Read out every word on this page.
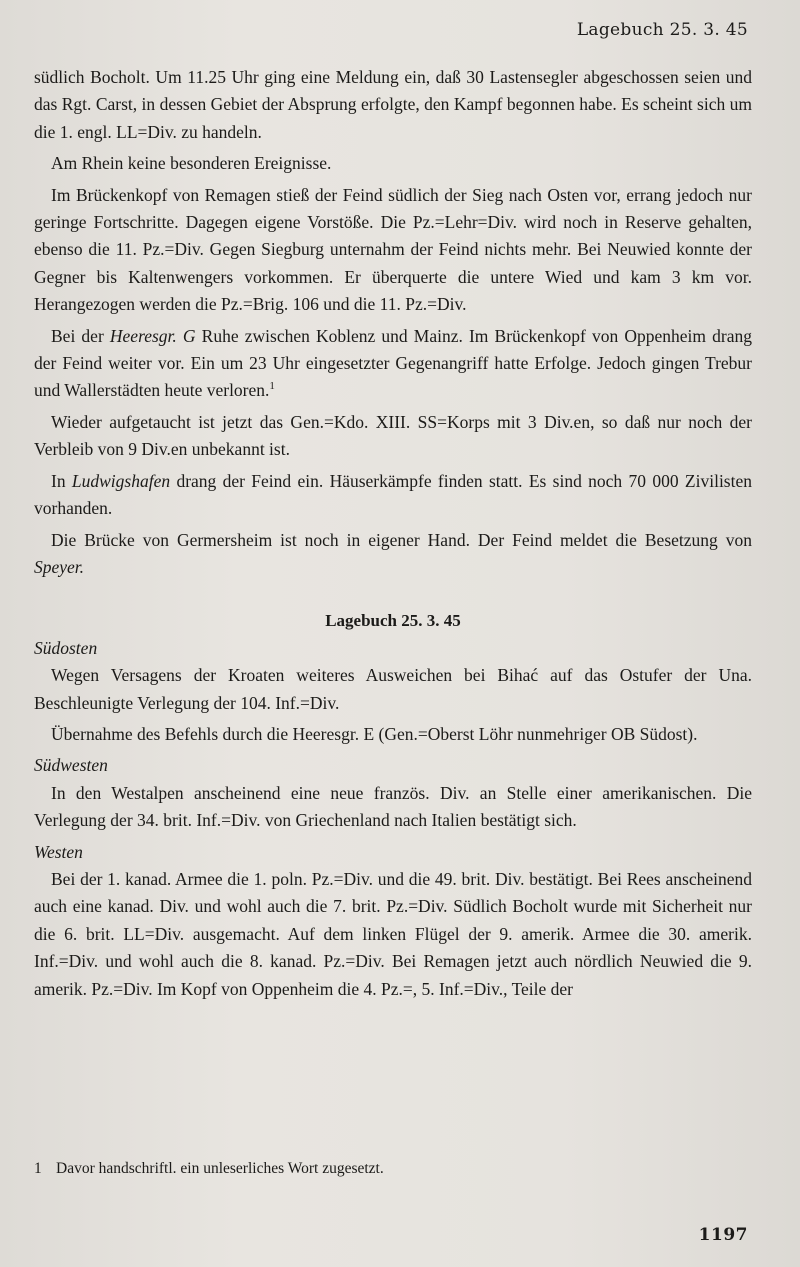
Lagebuch 25. 3. 45

südlich Bocholt. Um 11.25 Uhr ging eine Meldung ein, daß 30 Lastensegler abgeschossen seien und das Rgt. Carst, in dessen Gebiet der Absprung erfolgte, den Kampf begonnen habe. Es scheint sich um die 1. engl. LL=Div. zu handeln.

Am Rhein keine besonderen Ereignisse.

Im Brückenkopf von Remagen stieß der Feind südlich der Sieg nach Osten vor, errang jedoch nur geringe Fortschritte. Dagegen eigene Vorstöße. Die Pz.=Lehr=Div. wird noch in Reserve gehalten, ebenso die 11. Pz.=Div. Gegen Siegburg unternahm der Feind nichts mehr. Bei Neuwied konnte der Gegner bis Kaltenwengers vorkommen. Er überquerte die untere Wied und kam 3 km vor. Herangezogen werden die Pz.=Brig. 106 und die 11. Pz.=Div.

Bei der Heeresgr. G Ruhe zwischen Koblenz und Mainz. Im Brückenkopf von Oppenheim drang der Feind weiter vor. Ein um 23 Uhr eingesetzter Gegenangriff hatte Erfolge. Jedoch gingen Trebur und Wallerstädten heute verloren.$^1$

Wieder aufgetaucht ist jetzt das Gen.=Kdo. XIII. SS=Korps mit 3 Div.en, so daß nur noch der Verbleib von 9 Div.en unbekannt ist.

In Ludwigshafen drang der Feind ein. Häuserkämpfe finden statt. Es sind noch 70 000 Zivilisten vorhanden.

Die Brücke von Germersheim ist noch in eigener Hand. Der Feind meldet die Besetzung von Speyer.

Lagebuch 25. 3. 45
Südosten

Wegen Versagens der Kroaten weiteres Ausweichen bei Bihać auf das Ostufer der Una. Beschleunigte Verlegung der 104. Inf.=Div.

Übernahme des Befehls durch die Heeresgr. E (Gen.=Oberst Löhr nunmehriger OB Südost).

Südwesten

In den Westalpen anscheinend eine neue französ. Div. an Stelle einer amerikanischen. Die Verlegung der 34. brit. Inf.=Div. von Griechenland nach Italien bestätigt sich.

Westen

Bei der 1. kanad. Armee die 1. poln. Pz.=Div. und die 49. brit. Div. bestätigt. Bei Rees anscheinend auch eine kanad. Div. und wohl auch die 7. brit. Pz.=Div. Südlich Bocholt wurde mit Sicherheit nur die 6. brit. LL=Div. ausgemacht. Auf dem linken Flügel der 9. amerik. Armee die 30. amerik. Inf.=Div. und wohl auch die 8. kanad. Pz.=Div. Bei Remagen jetzt auch nördlich Neuwied die 9. amerik. Pz.=Div. Im Kopf von Oppenheim die 4. Pz.=, 5. Inf.=Div., Teile der

1 Davor handschriftl. ein unleserliches Wort zugesetzt.
1197
